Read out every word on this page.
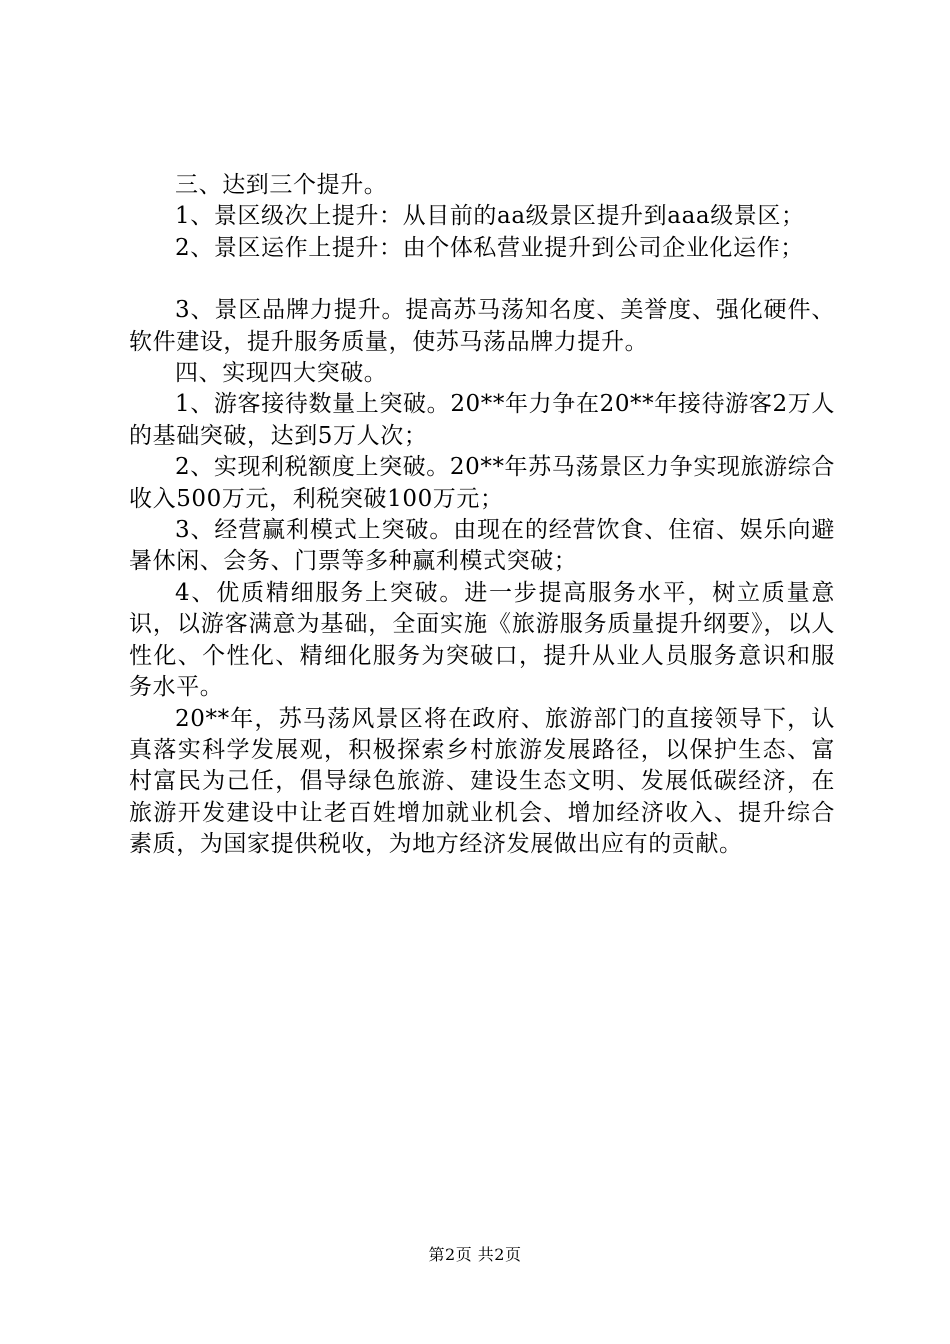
三、达到三个提升。

1、景区级次上提升：从目前的aa级景区提升到aaa级景区；

2、景区运作上提升：由个体私营业提升到公司企业化运作；

3、景区品牌力提升。提高苏马荡知名度、美誉度、强化硬件、软件建设，提升服务质量，使苏马荡品牌力提升。

四、实现四大突破。

1、游客接待数量上突破。20**年力争在20**年接待游客2万人的基础突破，达到5万人次；

2、实现利税额度上突破。20**年苏马荡景区力争实现旅游综合收入500万元，利税突破100万元；

3、经营赢利模式上突破。由现在的经营饮食、住宿、娱乐向避暑休闲、会务、门票等多种赢利模式突破；

4、优质精细服务上突破。进一步提高服务水平，树立质量意识，以游客满意为基础，全面实施《旅游服务质量提升纲要》，以人性化、个性化、精细化服务为突破口，提升从业人员服务意识和服务水平。

20**年，苏马荡风景区将在政府、旅游部门的直接领导下，认真落实科学发展观，积极探索乡村旅游发展路径，以保护生态、富村富民为己任，倡导绿色旅游、建设生态文明、发展低碳经济，在旅游开发建设中让老百姓增加就业机会、增加经济收入、提升综合素质，为国家提供税收，为地方经济发展做出应有的贡献。

第2页 共2页
